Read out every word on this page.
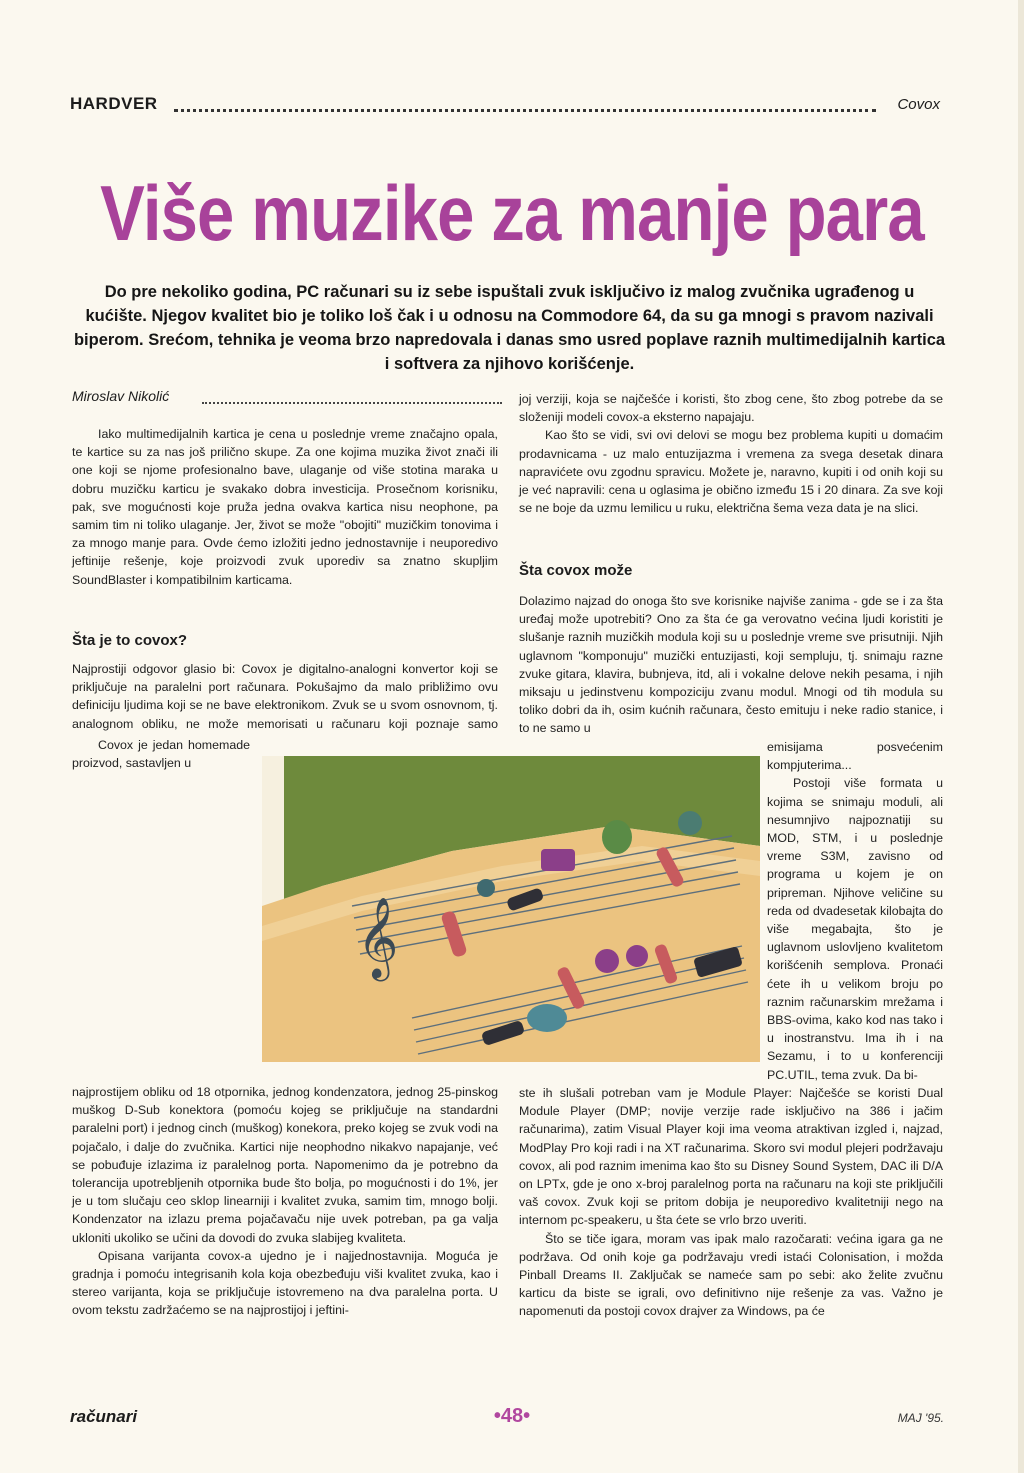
HARDVER	Covox
Više muzike za manje para
Do pre nekoliko godina, PC računari su iz sebe ispuštali zvuk isključivo iz malog zvučnika ugrađenog u kućište. Njegov kvalitet bio je toliko loš čak i u odnosu na Commodore 64, da su ga mnogi s pravom nazivali biperom. Srećom, tehnika je veoma brzo napredovala i danas smo usred poplave raznih multimedijalnih kartica i softvera za njihovo korišćenje.
Miroslav Nikolić

Iako multimedijalnih kartica je cena u poslednje vreme značajno opala, te kartice su za nas još prilično skupe. Za one kojima muzika život znači ili one koji se njome profesionalno bave, ulaganje od više stotina maraka u dobru muzičku karticu je svakako dobra investicija. Prosečnom korisniku, pak, sve mogućnosti koje pruža jedna ovakva kartica nisu neophone, pa samim tim ni toliko ulaganje. Jer, život se može "obojiti" muzičkim tonovima i za mnogo manje para. Ovde ćemo izložiti jedno jednostavnije i neuporedivo jeftinije rešenje, koje proizvodi zvuk uporediv sa znatno skupljim SoundBlaster i kompatibilnim karticama.

Šta je to covox?

Najprostiji odgovor glasio bi: Covox je digitalno-analogni konvertor koji se priključuje na paralelni port računara. Pokušajmo da malo približimo ovu definiciju ljudima koji se ne bave elektronikom. Zvuk se u svom osnovnom, tj. analognom obliku, ne može memorisati u računaru koji poznaje samo

Covox je jedan homemade proizvod, sastavljen u

najprostijem obliku od 18 otpornika, jednog kondenzatora, jednog 25-pinskog muškog D-Sub konektora (pomoću kojeg se priključuje na standardni paralelni port) i jednog cinch (muškog) konekora, preko kojeg se zvuk vodi na pojačalo, i dalje do zvučnika. Kartici nije neophodno nikakvo napajanje, već se pobuđuje izlazima iz paralelnog porta. Napomenimo da je potrebno da tolerancija upotrebljenih otpornika bude što bolja, po mogućnosti i do 1%, jer je u tom slučaju ceo sklop linearniji i kvalitet zvuka, samim tim, mnogo bolji. Kondenzator na izlazu prema pojačavaču nije uvek potreban, pa ga valja ukloniti ukoliko se učini da dovodi do zvuka slabijeg kvaliteta.

Opisana varijanta covox-a ujedno je i najjednostavnija. Moguća je gradnja i pomoću integrisanih kola koja obezbeđuju viši kvalitet zvuka, kao i stereo varijanta, koja se priključuje istovremeno na dva paralelna porta. U ovom tekstu zadržaćemo se na najprostijoj i jeftini-

joj verziji, koja se najčešće i koristi, što zbog cene, što zbog potrebe da se složeniji modeli covox-a eksterno napajaju.

Kao što se vidi, svi ovi delovi se mogu bez problema kupiti u domaćim prodavnicama - uz malo entuzijazma i vremena za svega desetak dinara napravićete ovu zgodnu spravicu. Možete je, naravno, kupiti i od onih koji su je već napravili: cena u oglasima je obično između 15 i 20 dinara. Za sve koji se ne boje da uzmu lemilicu u ruku, električna šema veza data je na slici.

Šta covox može

Dolazimo najzad do onoga što sve korisnike najviše zanima - gde se i za šta uređaj može upotrebiti? Ono za šta će ga verovatno većina ljudi koristiti je slušanje raznih muzičkih modula koji su u poslednje vreme sve prisutniji. Njih uglavnom "komponuju" muzički entuzijasti, koji sempluju, tj. snimaju razne zvuke gitara, klavira, bubnjeva, itd, ali i vokalne delove nekih pesama, i njih miksaju u jedinstvenu kompoziciju zvanu modul. Mnogi od tih modula su toliko dobri da ih, osim kućnih računara, često emituju i neke radio stanice, i to ne samo u

emisijama posvećenim kompjuterima...

Postoji više formata u kojima se snimaju moduli, ali nesumnjivo najpoznatiji su MOD, STM, i u poslednje vreme S3M, zavisno od programa u kojem je on pripreman. Njihove veličine su reda od dvadesetak kilobajta do više megabajta, što je uglavnom uslovljeno kvalitetom korišćenih semplova. Pronaći ćete ih u velikom broju po raznim računarskim mrežama i BBS-ovima, kako kod nas tako i u inostranstvu. Ima ih i na Sezamu, i to u konferenciji PC.UTIL, tema zvuk. Da bi-

ste ih slušali potreban vam je Module Player: Najčešće se koristi Dual Module Player (DMP; novije verzije rade isključivo na 386 i jačim računarima), zatim Visual Player koji ima veoma atraktivan izgled i, najzad, ModPlay Pro koji radi i na XT računarima. Skoro svi modul plejeri podržavaju covox, ali pod raznim imenima kao što su Disney Sound System, DAC ili D/A on LPTx, gde je ono x-broj paralelnog porta na računaru na koji ste priključili vaš covox. Zvuk koji se pritom dobija je neuporedivo kvalitetniji nego na internom pc-speakeru, u šta ćete se vrlo brzo uveriti.

Što se tiče igara, moram vas ipak malo razočarati: većina igara ga ne podržava. Od onih koje ga podržavaju vredi istaći Colonisation, i možda Pinball Dreams II. Zaključak se nameće sam po sebi: ako želite zvučnu karticu da biste se igrali, ovo definitivno nije rešenje za vas. Važno je napomenuti da postoji covox drajver za Windows, pa će

𝄞
računari	•48•	MAJ '95.
